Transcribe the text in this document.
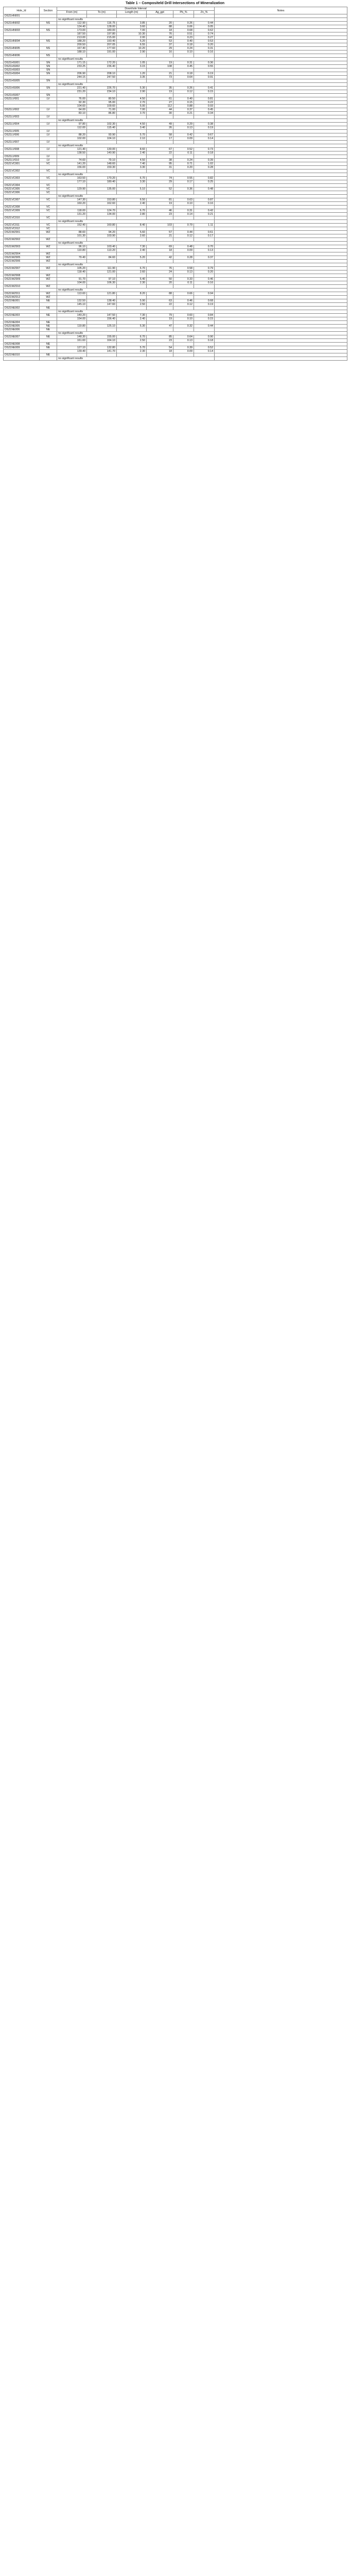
Table 1 – Compositeld Drill Intersections of Mineralization
Hole_Id	Section	Downhole Interval						Notes
		From (m)	To (m)	Length (m)	Ag_gpt	Pb_%	Zn_%	
DS21HN001								
		no significant results						
DS21HN002	NS	112.90	116.75	3.85	20	0.26	0.44	
		124.40	128.00	3.60	88	0.06	0.05	
DS21HN003	NS	173.00	180.00	7.00	18	0.68	0.62	
		187.50	197.80	10.30	76	0.51	0.74	
		213.00	215.00	2.00	44	0.23	0.27	
DS21HN004	NS	188.20	193.40	5.20	53	0.40	0.53	
		200.50	207.05	6.55	37	0.18	0.20	
DS21HN005	NS	167.40	177.60	10.20	29	0.24	0.31	
		188.10	191.00	2.90	16	0.10	0.16	
DS21HN006	NS							
		no significant results						
DS21HS001	SN	171.15	172.20	1.05	19	0.31	0.36	
DS21HS002	SN	233.25	236.40	3.15	108	0.45	0.55	
DS21HS003	SN							
DS21HS004	SN	206.90	208.10	1.20	21	0.18	0.19	
		244.15	247.50	3.35	73	0.64	0.91	
DS21HS005	SN							
		no significant results						
DS21HS006	SN	221.40	226.70	5.30	35	0.26	0.41	
		231.20	234.10	2.90	19	0.12	0.15	
DS21HS007	SN							
DS21LV001	LV	76.00	80.50	4.50	61	0.40	0.81	
		92.30	95.00	2.70	27	0.15	0.22	
		104.60	109.60	5.00	112	0.88	0.93	
DS21LV002	LV	64.00	71.00	7.00	44	0.37	0.45	
		83.10	86.80	3.70	30	0.21	0.34	
DS21LV003	LV							
		no significant results						
DS21LV004	LV	97.80	102.30	4.50	49	0.29	0.38	
		112.00	115.40	3.40	26	0.13	0.19	
DS21LV005	LV							
DS21LV006	LV	88.20	93.90	5.70	58	0.42	0.67	
		102.00	104.10	2.10	17	0.09	0.14	
DS21LV007	LV							
		no significant results						
DS21LV008	LV	121.40	130.00	8.60	67	0.52	0.73	
		138.50	140.90	2.40	22	0.11	0.18	
DS21LV009	LV							
DS21LV010	LV	74.60	79.10	4.50	38	0.24	0.39	
DS21VC001	VC	141.20	148.60	7.40	95	0.71	1.02	
		156.00	159.30	3.30	31	0.20	0.28	
DS21VC002	VC							
		no significant results						
DS21VC003	VC	163.50	170.20	6.70	74	0.55	0.82	
		177.10	180.40	3.30	29	0.17	0.25	
DS21VC004	VC							
DS21VC005	VC	129.90	135.00	5.10	52	0.36	0.48	
DS21VC006	VC							
		no significant results						
DS21VC007	VC	147.30	153.80	6.50	81	0.63	0.87	
		160.20	162.60	2.40	19	0.10	0.16	
DS21VC008	VC							
DS21VC009	VC	118.00	124.70	6.70	46	0.31	0.42	
		131.20	134.00	2.80	23	0.14	0.21	
DS21VC010	VC							
		no significant results						
DS21VC011	VC	152.40	160.80	8.40	103	0.79	1.11	
DS21VC012	VC							
DS21WZ001	WZ	88.60	94.20	5.60	57	0.44	0.61	
		101.30	103.90	2.60	21	0.12	0.17	
DS21WZ002	WZ							
		no significant results						
DS21WZ003	WZ	96.10	103.40	7.30	69	0.48	0.70	
		110.80	113.20	2.40	18	0.09	0.13	
DS21WZ004	WZ							
DS21WZ005	WZ	79.40	84.60	5.20	42	0.28	0.37	
DS21WZ006	WZ							
		no significant results						
DS21WZ007	WZ	105.20	111.90	6.70	76	0.58	0.79	
		118.40	121.00	2.60	24	0.13	0.20	
DS21WZ008	WZ							
DS21WZ009	WZ	91.70	97.10	5.40	50	0.33	0.46	
		104.00	106.30	2.30	20	0.11	0.16	
DS21WZ010	WZ							
		no significant results						
DS21WZ011	WZ	113.60	121.80	8.20	88	0.66	0.94	
DS21WZ012	WZ							
DS21NE001	NE	132.50	138.40	5.90	63	0.46	0.68	
		145.10	147.60	2.50	22	0.12	0.19	
DS21NE002	NE							
		no significant results						
DS21NE003	NE	140.20	147.50	7.30	79	0.60	0.84	
		154.00	156.40	2.40	19	0.10	0.15	
DS21NE004	NE							
DS21NE005	NE	119.80	125.10	5.30	47	0.32	0.44	
DS21NE006	NE							
		no significant results						
DS21NE007	NE	148.30	155.00	6.70	85	0.64	0.90	
		161.60	164.10	2.50	23	0.13	0.18	
DS21NE008	NE							
DS21NE009	NE	127.10	132.80	5.70	54	0.39	0.52	
		139.40	141.70	2.30	18	0.09	0.14	
DS21NE010	NE							
		no significant results						
